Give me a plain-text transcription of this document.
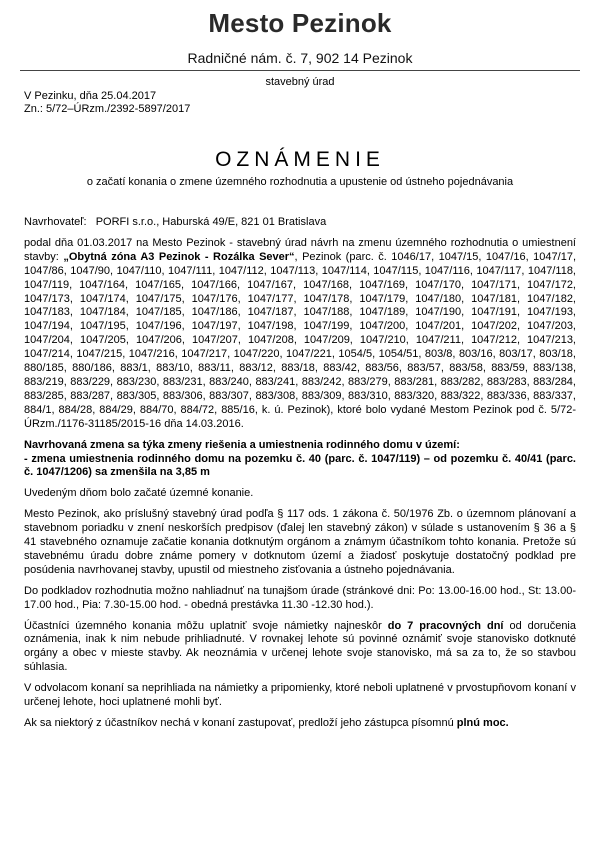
Mesto Pezinok
Radničné nám. č. 7, 902 14 Pezinok
stavebný úrad
V Pezinku, dňa 25.04.2017
Zn.: 5/72–ÚRzm./2392-5897/2017
OZNÁMENIE
o začatí konania o zmene územného rozhodnutia a upustenie od ústneho pojednávania

Navrhovateľ: PORFI s.r.o., Haburská 49/E, 821 01 Bratislava

podal dňa 01.03.2017 na Mesto Pezinok - stavebný úrad návrh na zmenu územného rozhodnutia o umiestnení stavby: „Obytná zóna A3 Pezinok - Rozálka Sever“, Pezinok (parc. č. 1046/17, 1047/15, 1047/16, 1047/17, 1047/86, 1047/90, 1047/110, 1047/111, 1047/112, 1047/113, 1047/114, 1047/115, 1047/116, 1047/117, 1047/118, 1047/119, 1047/164, 1047/165, 1047/166, 1047/167, 1047/168, 1047/169, 1047/170, 1047/171, 1047/172, 1047/173, 1047/174, 1047/175, 1047/176, 1047/177, 1047/178, 1047/179, 1047/180, 1047/181, 1047/182, 1047/183, 1047/184, 1047/185, 1047/186, 1047/187, 1047/188, 1047/189, 1047/190, 1047/191, 1047/193, 1047/194, 1047/195, 1047/196, 1047/197, 1047/198, 1047/199, 1047/200, 1047/201, 1047/202, 1047/203, 1047/204, 1047/205, 1047/206, 1047/207, 1047/208, 1047/209, 1047/210, 1047/211, 1047/212, 1047/213, 1047/214, 1047/215, 1047/216, 1047/217, 1047/220, 1047/221, 1054/5, 1054/51, 803/8, 803/16, 803/17, 803/18, 880/185, 880/186, 883/1, 883/10, 883/11, 883/12, 883/18, 883/42, 883/56, 883/57, 883/58, 883/59, 883/138, 883/219, 883/229, 883/230, 883/231, 883/240, 883/241, 883/242, 883/279, 883/281, 883/282, 883/283, 883/284, 883/285, 883/287, 883/305, 883/306, 883/307, 883/308, 883/309, 883/310, 883/320, 883/322, 883/336, 883/337, 884/1, 884/28, 884/29, 884/70, 884/72, 885/16, k. ú. Pezinok), ktoré bolo vydané Mestom Pezinok pod č. 5/72-ÚRzm./1176-31185/2015-16 dňa 14.03.2016.

Navrhovaná zmena sa týka zmeny riešenia a umiestnenia rodinného domu v území:

- zmena umiestnenia rodinného domu na pozemku č. 40 (parc. č. 1047/119) – od pozemku č. 40/41 (parc. č. 1047/1206) sa zmenšila na 3,85 m

Uvedeným dňom bolo začaté územné konanie.

Mesto Pezinok, ako príslušný stavebný úrad podľa § 117 ods. 1 zákona č. 50/1976 Zb. o územnom plánovaní a stavebnom poriadku v znení neskorších predpisov (ďalej len stavebný zákon) v súlade s ustanovením § 36 a § 41 stavebného oznamuje začatie konania dotknutým orgánom a známym účastníkom tohto konania. Pretože sú stavebnému úradu dobre známe pomery v dotknutom území a žiadosť poskytuje dostatočný podklad pre posúdenia navrhovanej stavby, upustil od miestneho zisťovania a ústneho pojednávania.

Do podkladov rozhodnutia možno nahliadnuť na tunajšom úrade (stránkové dni: Po: 13.00-16.00 hod., St: 13.00-17.00 hod., Pia: 7.30-15.00 hod. - obedná prestávka 11.30 -12.30 hod.).

Účastníci územného konania môžu uplatniť svoje námietky najneskôr do 7 pracovných dní od doručenia oznámenia, inak k nim nebude prihliadnuté. V rovnakej lehote sú povinné oznámiť svoje stanovisko dotknuté orgány a obec v mieste stavby. Ak neoznámia v určenej lehote svoje stanovisko, má sa za to, že so stavbou súhlasia.

V odvolacom konaní sa neprihliada na námietky a pripomienky, ktoré neboli uplatnené v prvostupňovom konaní v určenej lehote, hoci uplatnené mohli byť.

Ak sa niektorý z účastníkov nechá v konaní zastupovať, predloží jeho zástupca písomnú plnú moc.
